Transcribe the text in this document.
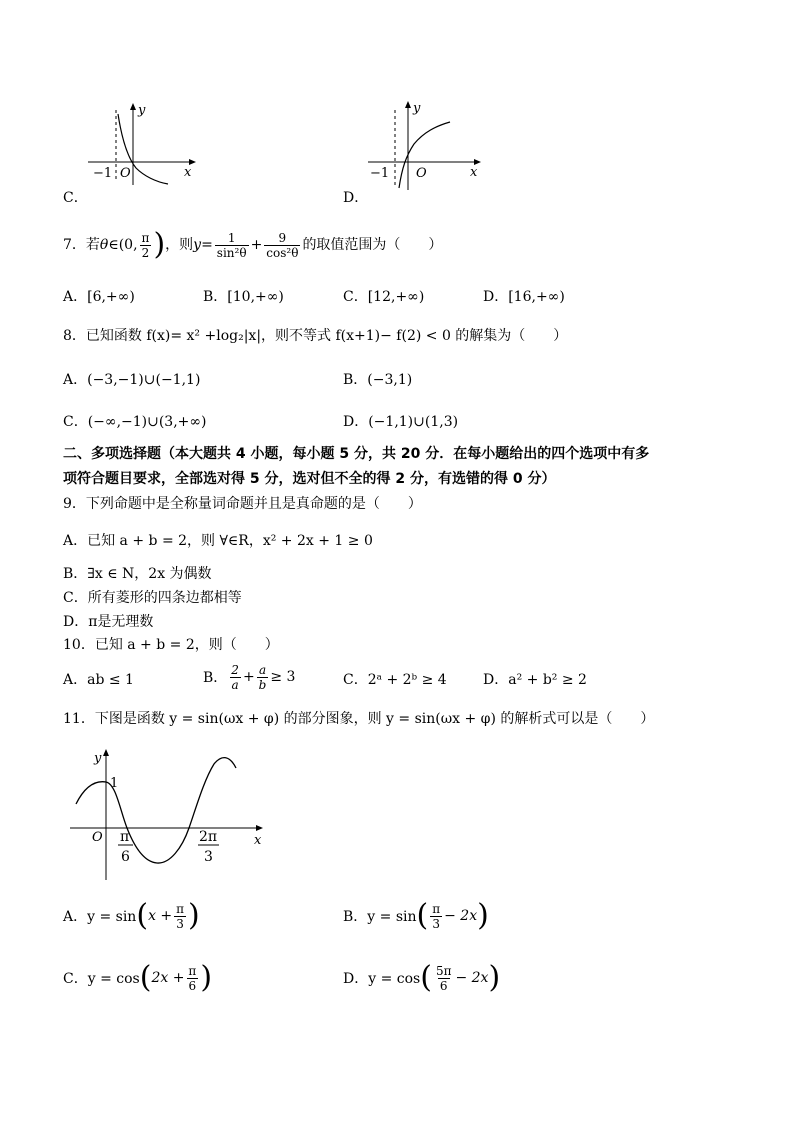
y
x
−1 O
C．
y
x
−1 O
D．
7．若 θ∈ (0, $\frac{\pi}{2}$ ) ，则 $y= \frac{1}{\text{sin²θ}} + \frac{9}{\text{cos²θ}}$ 的取值范围为（　　）
A．[6,+∞)	B．[10,+∞)	C．[12,+∞)	D．[16,+∞)
8．已知函数 f(x)= x² +log₂|x|，则不等式 f(x+1)− f(2) < 0 的解集为（　　）
A．(−3,−1)∪(−1,1)	B．(−3,1)
C．(−∞,−1)∪(3,+∞)	D．(−1,1)∪(1,3)
二、多项选择题（本大题共 4 小题，每小题 5 分，共 20 分．在每小题给出的四个选项中有多
项符合题目要求，全部选对得 5 分，选对但不全的得 2 分，有选错的得 0 分）
9．下列命题中是全称量词命题并且是真命题的是（　　）
A．已知 a + b = 2，则 ∀∈R，x² + 2x + 1 ≥ 0
B．∃x ∈ N，2x 为偶数
C．所有菱形的四条边都相等
D．π是无理数
10．已知 a + b = 2，则（　　）
A．ab ≤ 1	B． $\frac{2}{a} + \frac{a}{b} \ge 3$	C．2ᵃ + 2ᵇ ≥ 4	D．a² + b² ≥ 2
11．下图是函数 y = sin(ωx + φ) 的部分图象，则 y = sin(ωx + φ) 的解析式可以是（　　）
y
x
1
O π
6
2π
3
A．y = sin ( $x + \frac{\pi}{3}$ )	B．y = sin ( $\frac{\pi}{3} - 2x$ )
C．y = cos ( $2x + \frac{\pi}{6}$ )	D．y = cos ( $\frac{5\pi}{6} - 2x$ )
